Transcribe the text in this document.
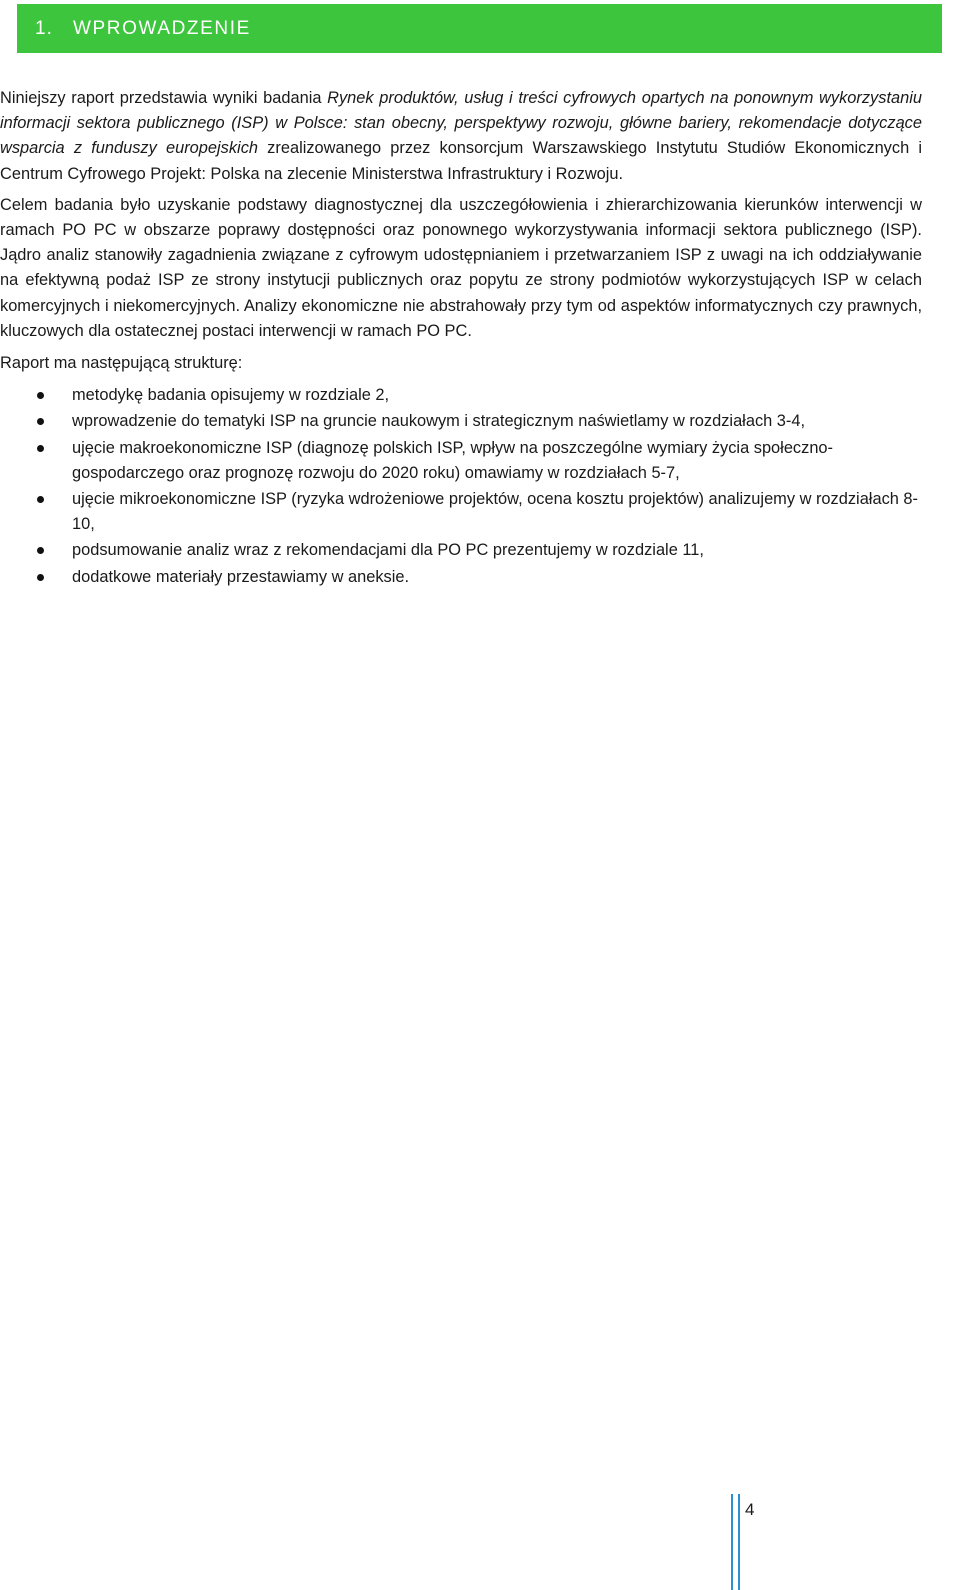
1.	WPROWADZENIE

Niniejszy raport przedstawia wyniki badania Rynek produktów, usług i treści cyfrowych opartych na ponownym wykorzystaniu informacji sektora publicznego (ISP) w Polsce: stan obecny, perspektywy rozwoju, główne bariery, rekomendacje dotyczące wsparcia z funduszy europejskich zrealizowanego przez konsorcjum Warszawskiego Instytutu Studiów Ekonomicznych i Centrum Cyfrowego Projekt: Polska na zlecenie Ministerstwa Infrastruktury i Rozwoju.

Celem badania było uzyskanie podstawy diagnostycznej dla uszczegółowienia i zhierarchizowania kierunków interwencji w ramach PO PC w obszarze poprawy dostępności oraz ponownego wykorzystywania informacji sektora publicznego (ISP). Jądro analiz stanowiły zagadnienia związane z cyfrowym udostępnianiem i przetwarzaniem ISP z uwagi na ich oddziaływanie na efektywną podaż ISP ze strony instytucji publicznych oraz popytu ze strony podmiotów wykorzystujących ISP w celach komercyjnych i niekomercyjnych. Analizy ekonomiczne nie abstrahowały przy tym od aspektów informatycznych czy prawnych, kluczowych dla ostatecznej postaci interwencji w ramach PO PC.

Raport ma następującą strukturę:

metodykę badania opisujemy w rozdziale 2,
wprowadzenie do tematyki ISP na gruncie naukowym i strategicznym naświetlamy w rozdziałach 3-4,
ujęcie makroekonomiczne ISP (diagnozę polskich ISP, wpływ na poszczególne wymiary życia społeczno-gospodarczego oraz prognozę rozwoju do 2020 roku) omawiamy w rozdziałach 5-7,
ujęcie mikroekonomiczne ISP (ryzyka wdrożeniowe projektów, ocena kosztu projektów) analizujemy w rozdziałach 8-10,
podsumowanie analiz wraz z rekomendacjami dla PO PC prezentujemy w rozdziale 11,
dodatkowe materiały przestawiamy w aneksie.
4
